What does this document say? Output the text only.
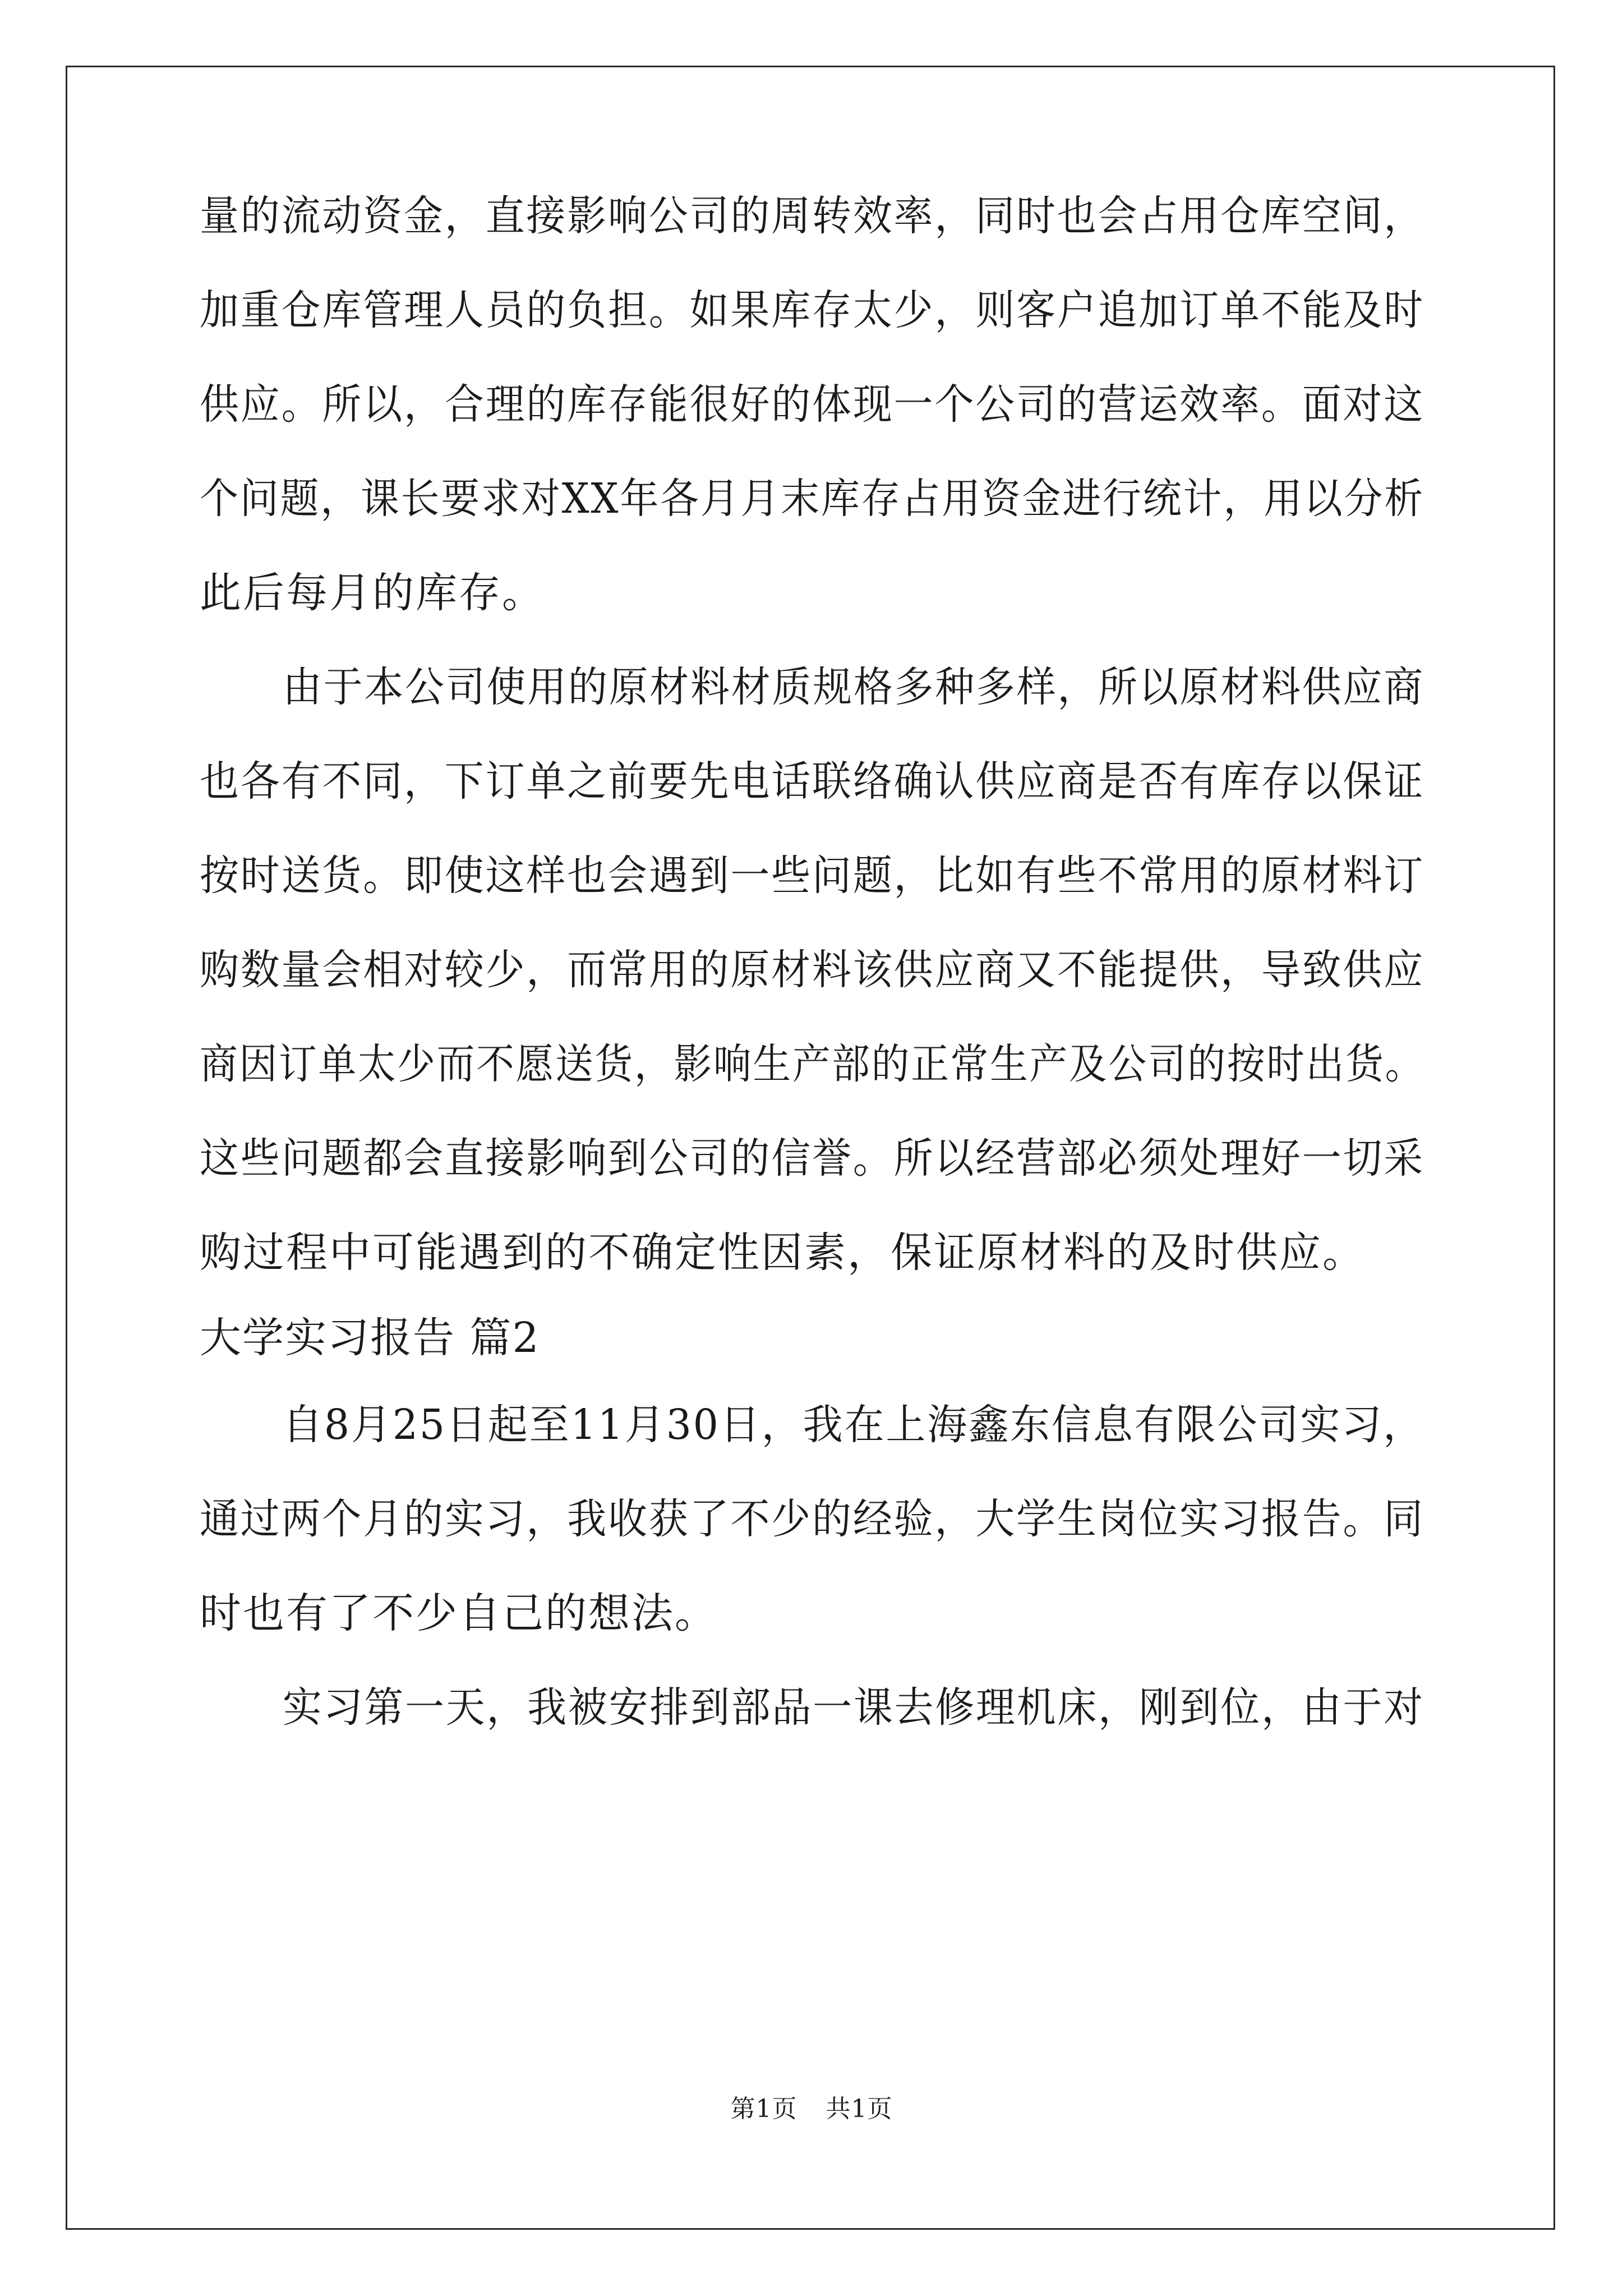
量的流动资金，直接影响公司的周转效率，同时也会占用仓库空间，
加重仓库管理人员的负担。如果库存太少，则客户追加订单不能及时
供应。所以，合理的库存能很好的体现一个公司的营运效率。面对这
个问题，课长要求对XX年各月月末库存占用资金进行统计，用以分析
此后每月的库存。
由于本公司使用的原材料材质规格多种多样，所以原材料供应商
也各有不同，下订单之前要先电话联络确认供应商是否有库存以保证
按时送货。即使这样也会遇到一些问题，比如有些不常用的原材料订
购数量会相对较少，而常用的原材料该供应商又不能提供，导致供应
商因订单太少而不愿送货，影响生产部的正常生产及公司的按时出货。
这些问题都会直接影响到公司的信誉。所以经营部必须处理好一切采
购过程中可能遇到的不确定性因素，保证原材料的及时供应。
大学实习报告 篇2
自8月25日起至11月30日，我在上海鑫东信息有限公司实习，
通过两个月的实习，我收获了不少的经验，大学生岗位实习报告。同
时也有了不少自己的想法。
实习第一天，我被安排到部品一课去修理机床，刚到位，由于对
第1页 共1页
